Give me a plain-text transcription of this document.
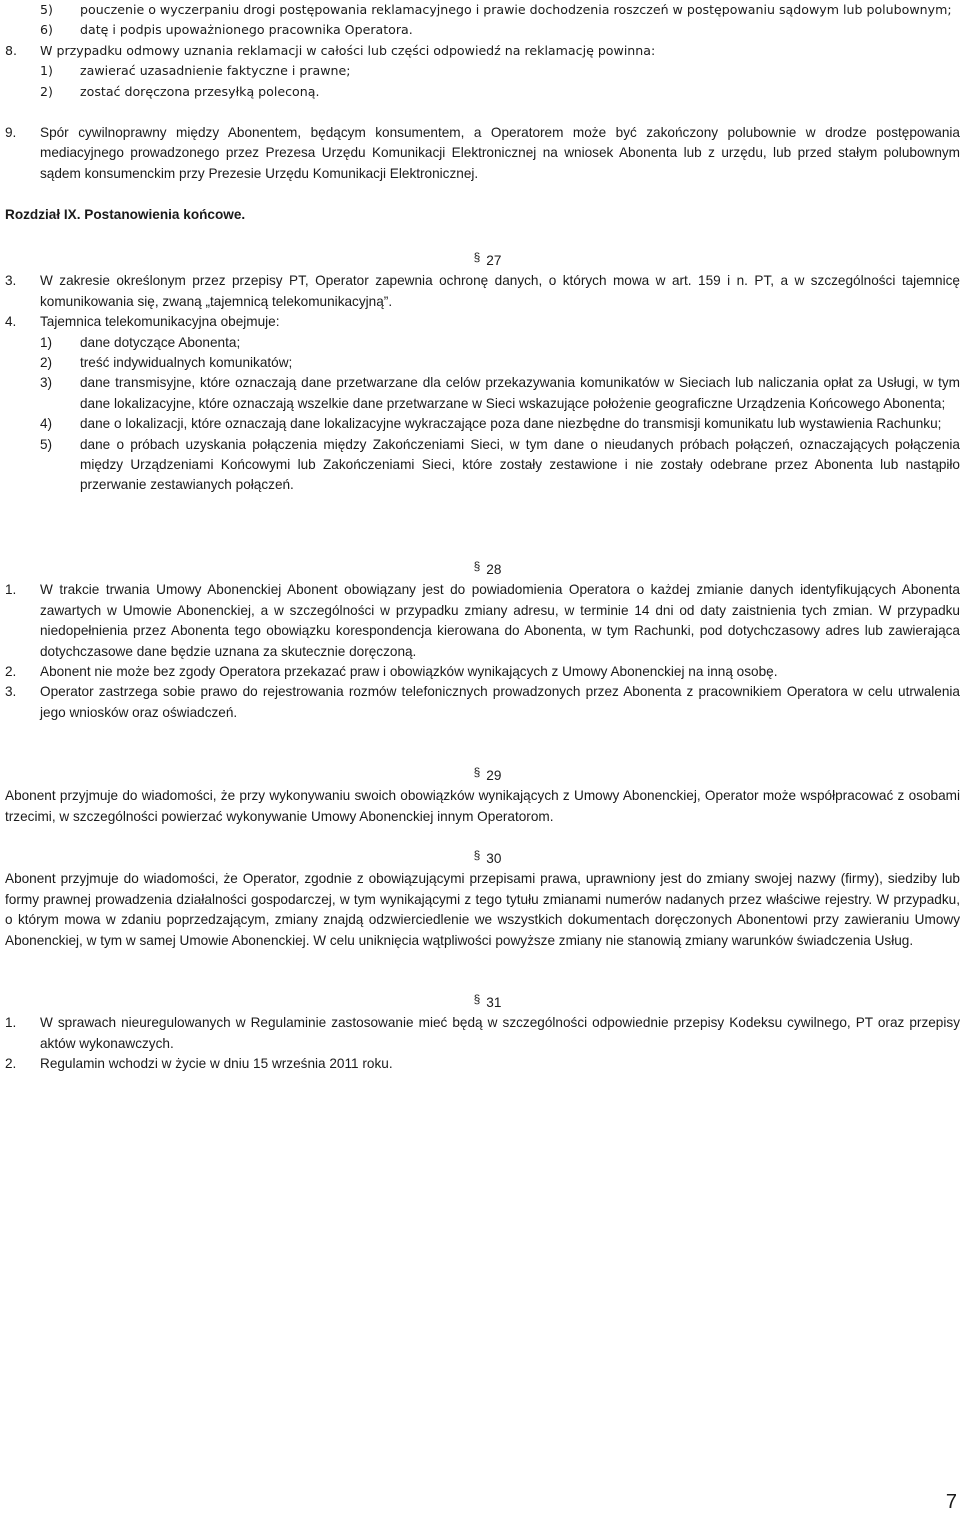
5)	pouczenie o wyczerpaniu drogi postępowania reklamacyjnego i prawie dochodzenia roszczeń w postępowaniu sądowym lub polubownym;
6)	datę i podpis upoważnionego pracownika Operatora.
8.	W przypadku odmowy uznania reklamacji w całości lub części odpowiedź na reklamację powinna:
1)	zawierać uzasadnienie faktyczne i prawne;
2)	zostać doręczona przesyłką poleconą.
9.	Spór cywilnoprawny między Abonentem, będącym konsumentem, a Operatorem może być zakończony polubownie w drodze postępowania mediacyjnego prowadzonego przez Prezesa Urzędu Komunikacji Elektronicznej na wniosek Abonenta lub z urzędu, lub przed stałym polubownym sądem konsumenckim przy Prezesie Urzędu Komunikacji Elektronicznej.
Rozdział IX. Postanowienia końcowe.
§ 27
3.	W zakresie określonym przez przepisy PT, Operator zapewnia ochronę danych, o których mowa w art. 159 i n. PT, a w szczególności tajemnicę komunikowania się, zwaną „tajemnicą telekomunikacyjną”.
4.	Tajemnica telekomunikacyjna obejmuje:
1)	dane dotyczące Abonenta;
2)	treść indywidualnych komunikatów;
3)	dane transmisyjne, które oznaczają dane przetwarzane dla celów przekazywania komunikatów w Sieciach lub naliczania opłat za Usługi, w tym dane lokalizacyjne, które oznaczają wszelkie dane przetwarzane w Sieci wskazujące położenie geograficzne Urządzenia Końcowego Abonenta;
4)	dane o lokalizacji, które oznaczają dane lokalizacyjne wykraczające poza dane niezbędne do transmisji komunikatu lub wystawienia Rachunku;
5)	dane o próbach uzyskania połączenia między Zakończeniami Sieci, w tym dane o nieudanych próbach połączeń, oznaczających połączenia między Urządzeniami Końcowymi lub Zakończeniami Sieci, które zostały zestawione i nie zostały odebrane przez Abonenta lub nastąpiło przerwanie zestawianych połączeń.
§ 28
1.	W trakcie trwania Umowy Abonenckiej Abonent obowiązany jest do powiadomienia Operatora o każdej zmianie danych identyfikujących Abonenta zawartych w Umowie Abonenckiej, a w szczególności w przypadku zmiany adresu, w terminie 14 dni od daty zaistnienia tych zmian. W przypadku niedopełnienia przez Abonenta tego obowiązku korespondencja kierowana do Abonenta, w tym Rachunki, pod dotychczasowy adres lub zawierająca dotychczasowe dane będzie uznana za skutecznie doręczoną.
2.	Abonent nie może bez zgody Operatora przekazać praw i obowiązków wynikających z Umowy Abonenckiej na inną osobę.
3.	Operator zastrzega sobie prawo do rejestrowania rozmów telefonicznych prowadzonych przez Abonenta z pracownikiem Operatora w celu utrwalenia jego wniosków oraz oświadczeń.
§ 29
Abonent przyjmuje do wiadomości, że przy wykonywaniu swoich obowiązków wynikających z Umowy Abonenckiej, Operator może współpracować z osobami trzecimi, w szczególności powierzać wykonywanie Umowy Abonenckiej innym Operatorom.
§ 30
Abonent przyjmuje do wiadomości, że Operator, zgodnie z obowiązującymi przepisami prawa, uprawniony jest do zmiany swojej nazwy (firmy), siedziby lub formy prawnej prowadzenia działalności gospodarczej, w tym wynikającymi z tego tytułu zmianami numerów nadanych przez właściwe rejestry. W przypadku, o którym mowa w zdaniu poprzedzającym, zmiany znajdą odzwierciedlenie we wszystkich dokumentach doręczonych Abonentowi przy zawieraniu Umowy Abonenckiej, w tym w samej Umowie Abonenckiej. W celu uniknięcia wątpliwości powyższe zmiany nie stanowią zmiany warunków świadczenia Usług.
§ 31
1.	W sprawach nieuregulowanych w Regulaminie zastosowanie mieć będą w szczególności odpowiednie przepisy Kodeksu cywilnego, PT oraz przepisy aktów wykonawczych.
2.	Regulamin wchodzi w życie w dniu 15 września 2011 roku.
7
